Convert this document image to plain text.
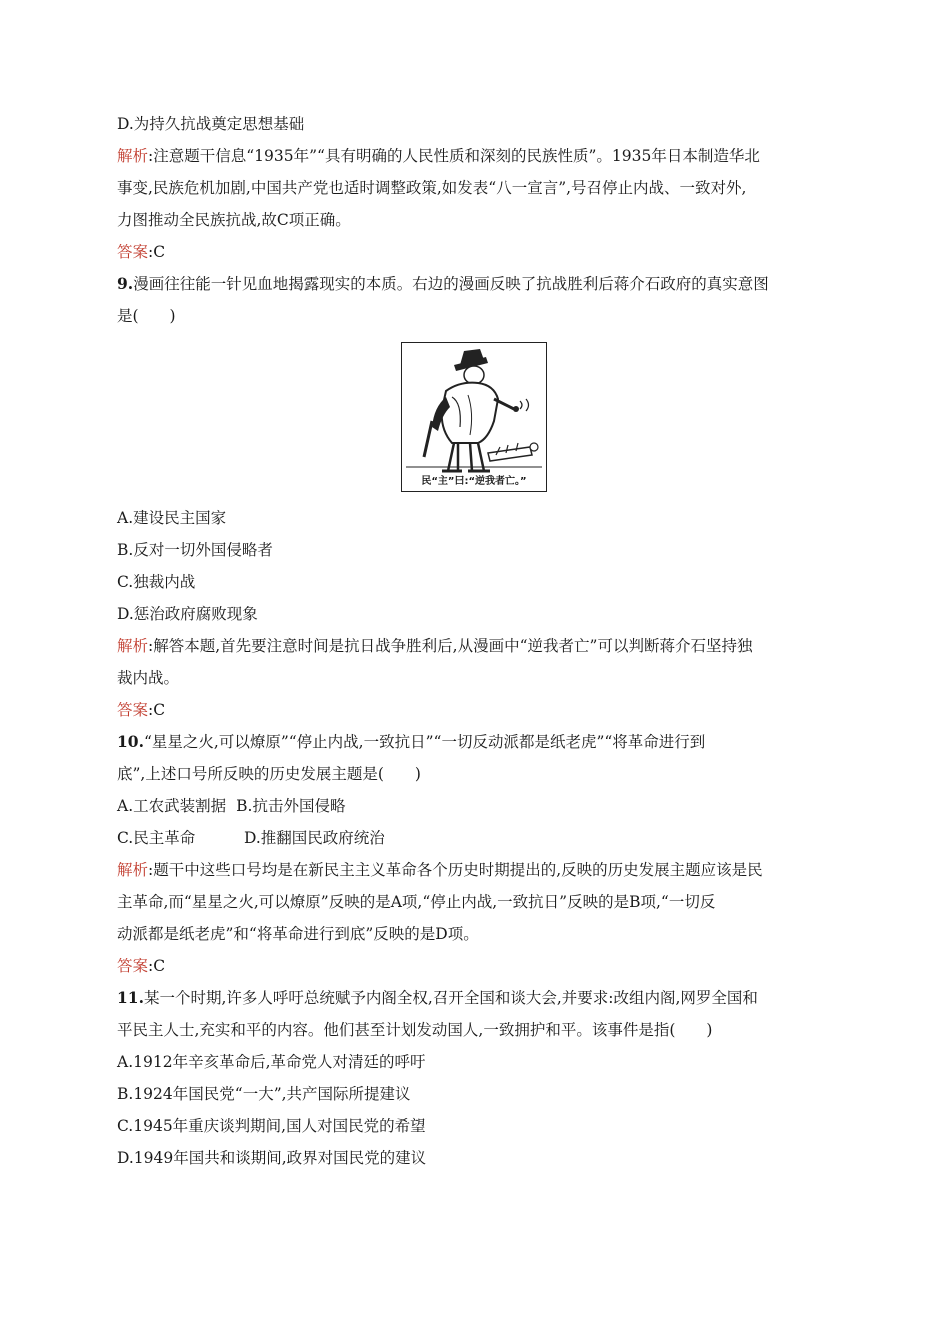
D.为持久抗战奠定思想基础
解析:注意题干信息“1935年”“具有明确的人民性质和深刻的民族性质”。1935年日本制造华北
事变,民族危机加剧,中国共产党也适时调整政策,如发表“八一宣言”,号召停止内战、一致对外,
力图推动全民族抗战,故C项正确。
答案:C
9.漫画往往能一针见血地揭露现实的本质。右边的漫画反映了抗战胜利后蒋介石政府的真实意图
是(　　)
民“主”曰:“逆我者亡。”
A.建设民主国家
B.反对一切外国侵略者
C.独裁内战
D.惩治政府腐败现象
解析:解答本题,首先要注意时间是抗日战争胜利后,从漫画中“逆我者亡”可以判断蒋介石坚持独
裁内战。
答案:C
10.“星星之火,可以燎原”“停止内战,一致抗日”“一切反动派都是纸老虎”“将革命进行到
底”,上述口号所反映的历史发展主题是(　　)
A.工农武装割据 B.抗击外国侵略
C.民主革命	D.推翻国民政府统治
解析:题干中这些口号均是在新民主主义革命各个历史时期提出的,反映的历史发展主题应该是民
主革命,而“星星之火,可以燎原”反映的是A项,“停止内战,一致抗日”反映的是B项,“一切反
动派都是纸老虎”和“将革命进行到底”反映的是D项。
答案:C
11.某一个时期,许多人呼吁总统赋予内阁全权,召开全国和谈大会,并要求:改组内阁,网罗全国和
平民主人士,充实和平的内容。他们甚至计划发动国人,一致拥护和平。该事件是指(　　)
A.1912年辛亥革命后,革命党人对清廷的呼吁
B.1924年国民党“一大”,共产国际所提建议
C.1945年重庆谈判期间,国人对国民党的希望
D.1949年国共和谈期间,政界对国民党的建议
